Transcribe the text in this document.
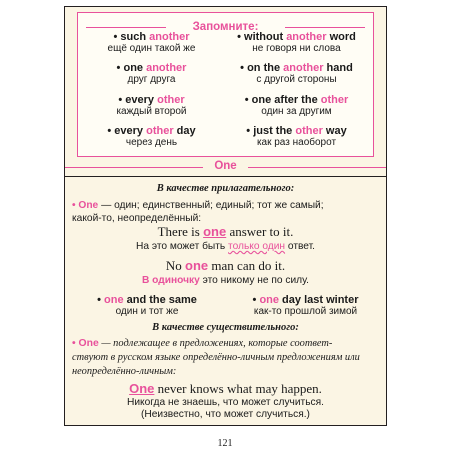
Запомните:
• such another
ещё один такой же
• one another
друг друга
• every other
каждый второй
• every other day
через день
• without another word
не говоря ни слова
• on the another hand
с другой стороны
• one after the other
один за другим
• just the other way
как раз наоборот
One
В качестве прилагательного:
• One — один; единственный; единый; тот же самый;
какой-то, неопределённый:
There is one answer to it.
На это может быть только один ответ.
No one man can do it.
В одиночку это никому не по силу.
• one and the same
один и тот же
• one day last winter
как-то прошлой зимой
В качестве существительного:
• One — подлежащее в предложениях, которые соответ-
ствуют в русском языке определённо-личным предложениям или
неопределённо-личным:
One never knows what may happen.
Никогда не знаешь, что может случиться.
(Неизвестно, что может случиться.)
121
